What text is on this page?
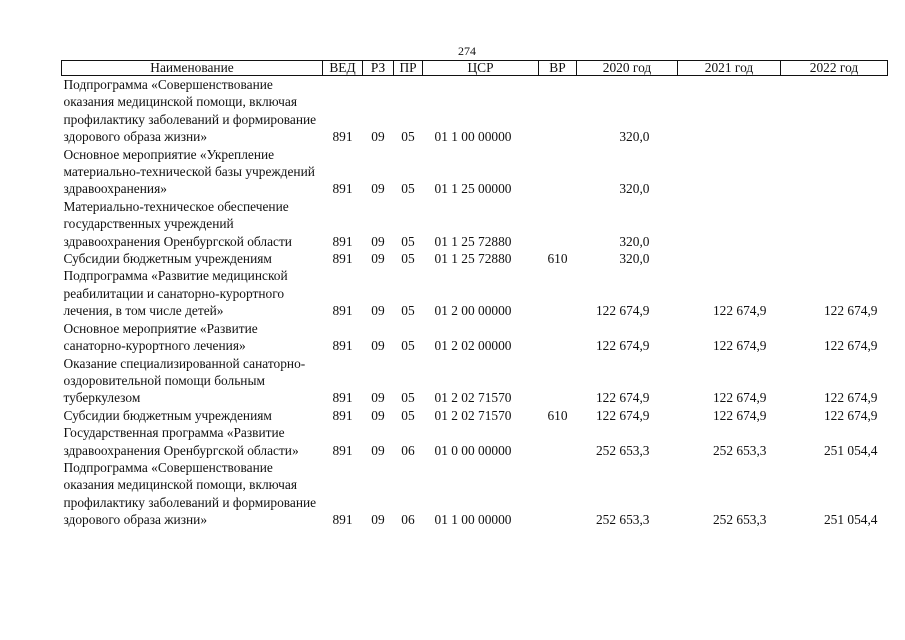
274
Наименование	ВЕД	РЗ	ПР	ЦСР	ВР	2020 год	2021 год	2022 год
Подпрограмма «Совершенствование оказания медицинской помощи, включая профилактику заболеваний и формирование здорового образа жизни»	891	09	05	01 1 00 00000		320,0		
Основное мероприятие «Укрепление материально-технической базы учреждений здравоохранения»	891	09	05	01 1 25 00000		320,0		
Материально-техническое обеспечение государственных учреждений здравоохранения Оренбургской области	891	09	05	01 1 25 72880		320,0		
Субсидии бюджетным учреждениям	891	09	05	01 1 25 72880	610	320,0		
Подпрограмма «Развитие медицинской реабилитации и санаторно-курортного лечения, в том числе детей»	891	09	05	01 2 00 00000		122 674,9	122 674,9	122 674,9
Основное мероприятие «Развитие санаторно-курортного лечения»	891	09	05	01 2 02 00000		122 674,9	122 674,9	122 674,9
Оказание специализированной санаторно-оздоровительной помощи больным туберкулезом	891	09	05	01 2 02 71570		122 674,9	122 674,9	122 674,9
Субсидии бюджетным учреждениям	891	09	05	01 2 02 71570	610	122 674,9	122 674,9	122 674,9
Государственная программа «Развитие здравоохранения Оренбургской области»	891	09	06	01 0 00 00000		252 653,3	252 653,3	251 054,4
Подпрограмма «Совершенствование оказания медицинской помощи, включая профилактику заболеваний и формирование здорового образа жизни»	891	09	06	01 1 00 00000		252 653,3	252 653,3	251 054,4
